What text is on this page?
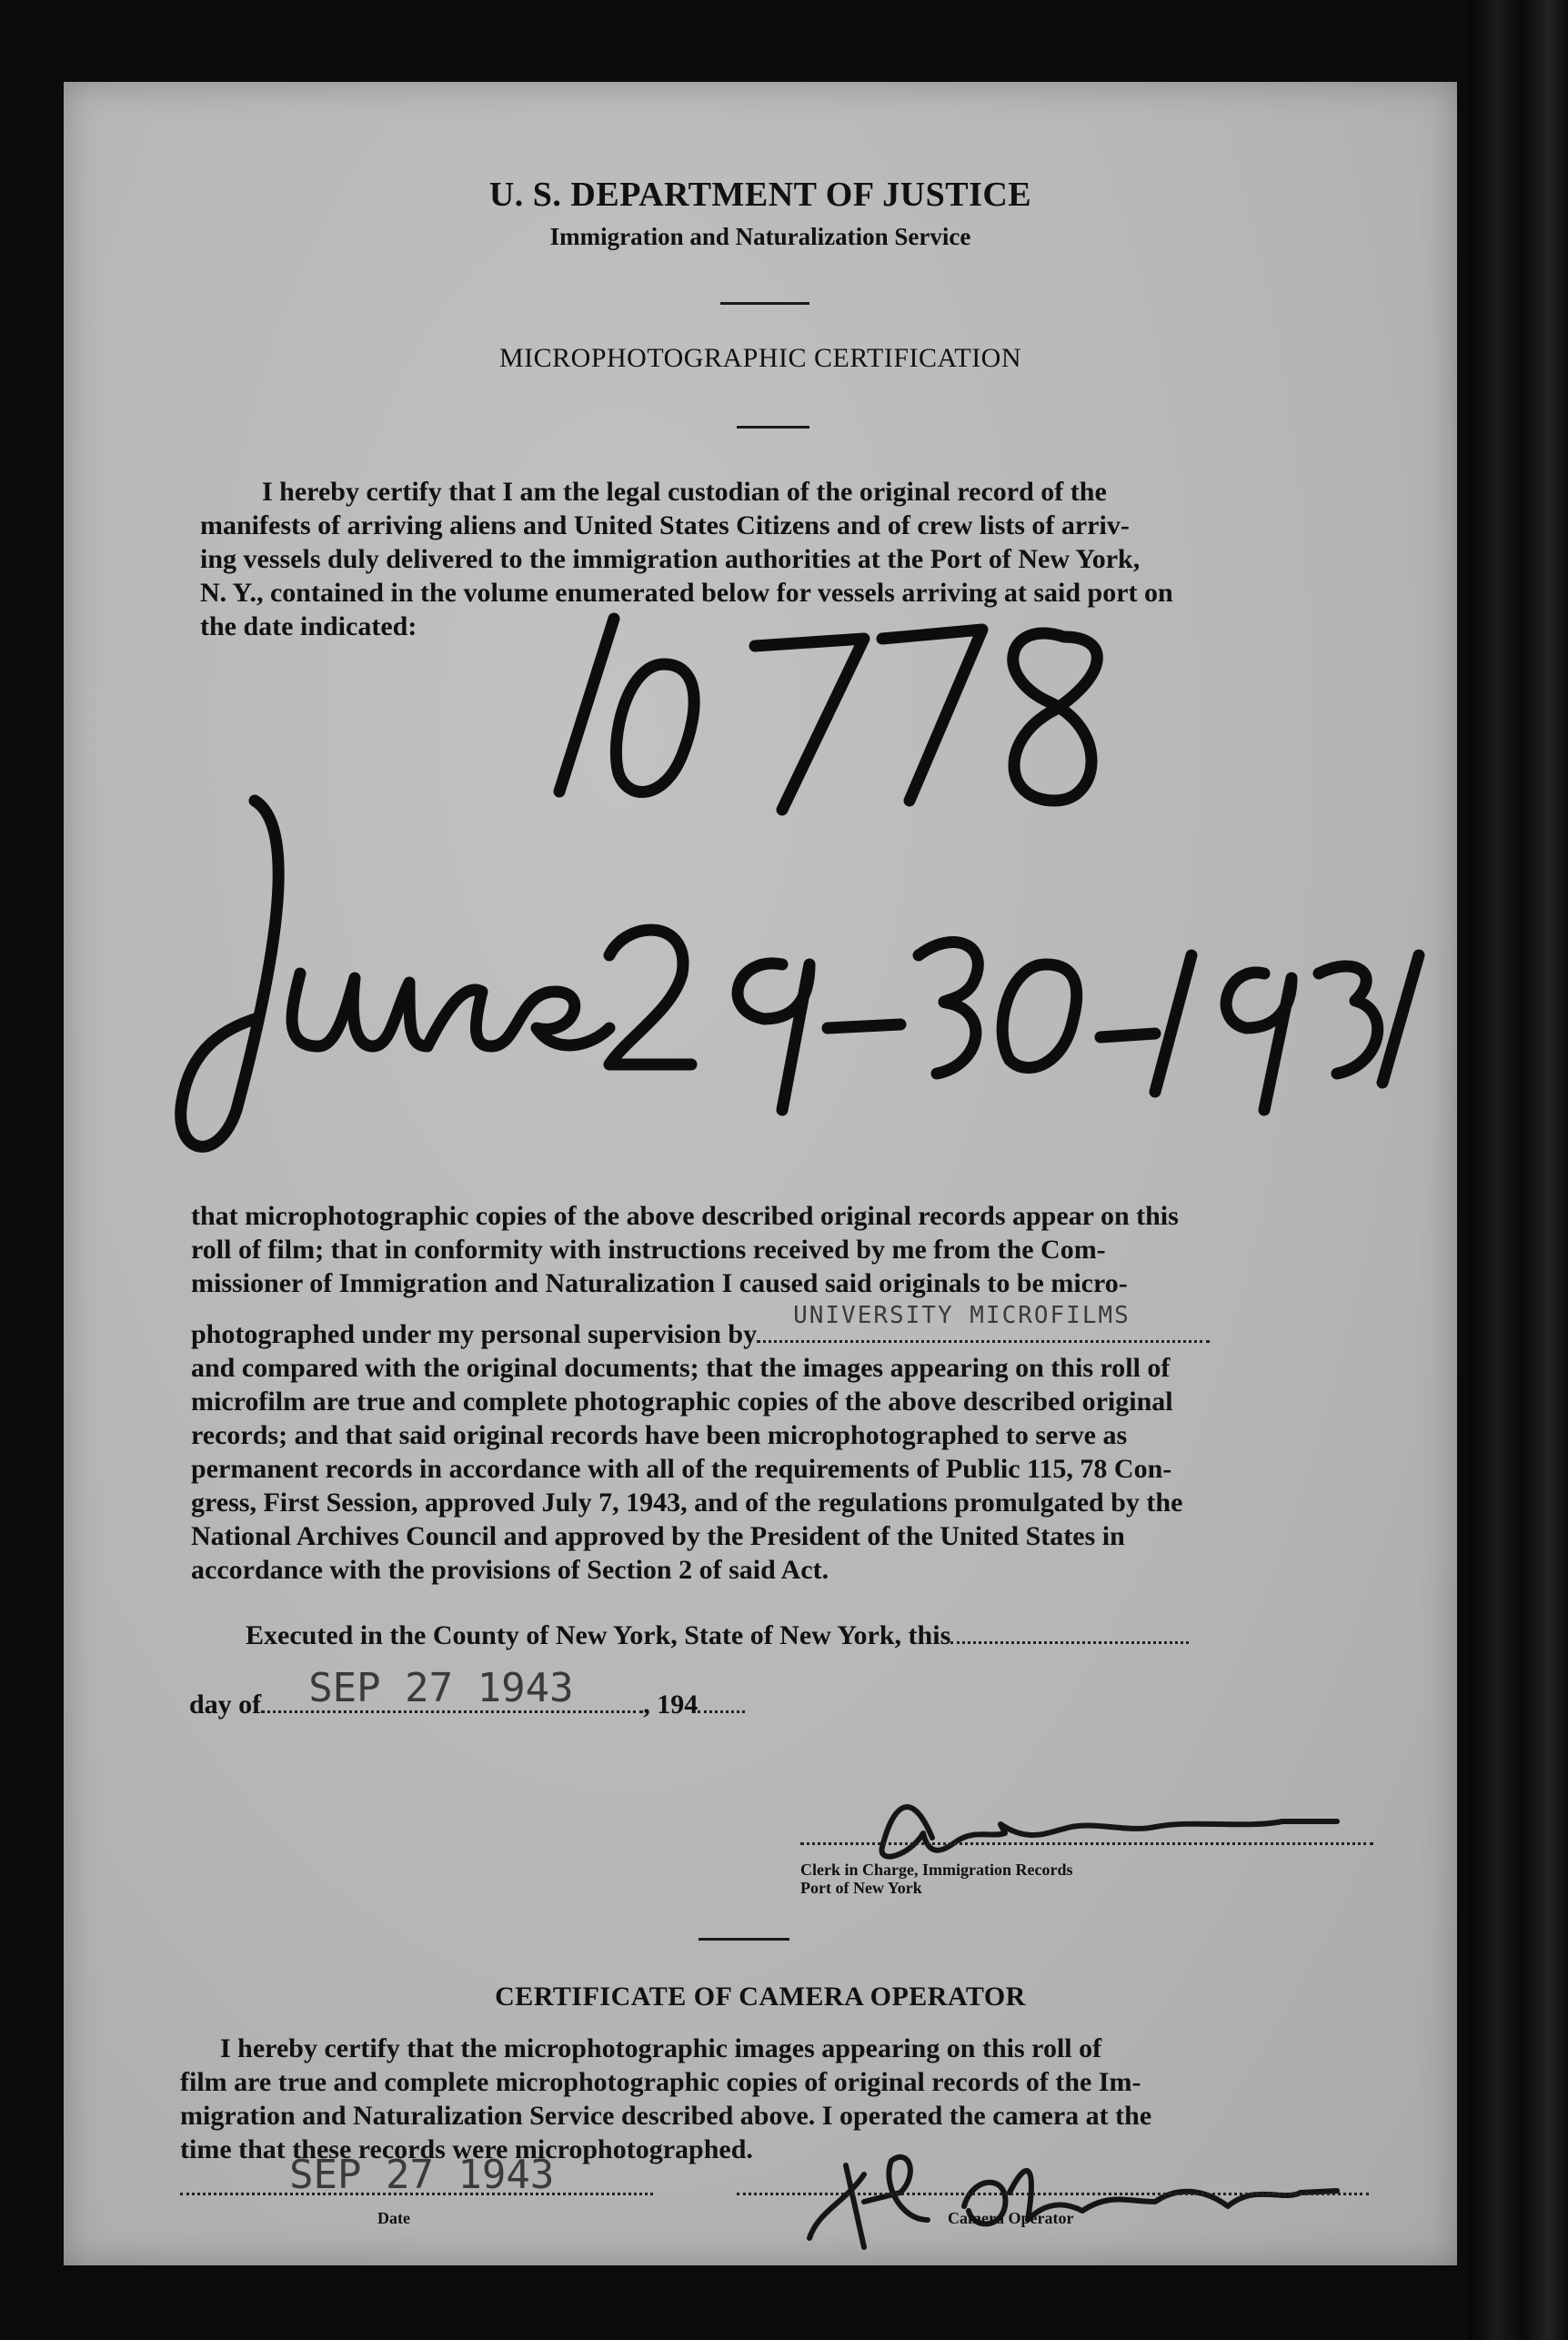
U. S. DEPARTMENT OF JUSTICE
Immigration and Naturalization Service
MICROPHOTOGRAPHIC CERTIFICATION
I hereby certify that I am the legal custodian of the original record of the
manifests of arriving aliens and United States Citizens and of crew lists of arriv-
ing vessels duly delivered to the immigration authorities at the Port of New York,
N. Y., contained in the volume enumerated below for vessels arriving at said port on
the date indicated:
that microphotographic copies of the above described original records appear on this
roll of film; that in conformity with instructions received by me from the Com-
missioner of Immigration and Naturalization I caused said originals to be micro-
photographed under my personal supervision by
UNIVERSITY MICROFILMS
and compared with the original documents; that the images appearing on this roll of
microfilm are true and complete photographic copies of the above described original
records; and that said original records have been microphotographed to serve as
permanent records in accordance with all of the requirements of Public 115, 78 Con-
gress, First Session, approved July 7, 1943, and of the regulations promulgated by the
National Archives Council and approved by the President of the United States in
accordance with the provisions of Section 2 of said Act.
Executed in the County of New York, State of New York, this
day of SEP 27 1943	, 194
Clerk in Charge, Immigration Records
Port of New York
CERTIFICATE OF CAMERA OPERATOR
I hereby certify that the microphotographic images appearing on this roll of
film are true and complete microphotographic copies of original records of the Im-
migration and Naturalization Service described above. I operated the camera at the
time that these records were microphotographed.
SEP 27 1943
Date	Camera Operator
